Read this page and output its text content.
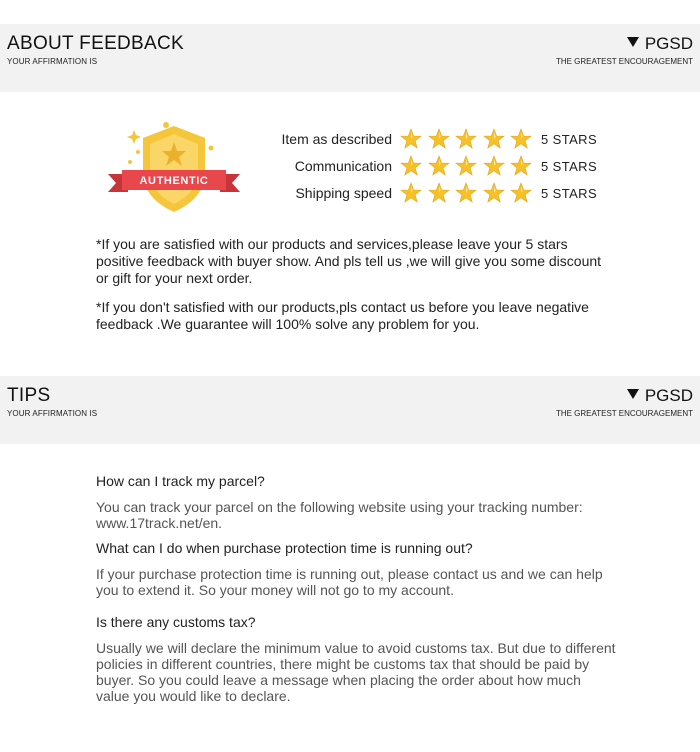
ABOUT FEEDBACK
YOUR AFFIRMATION IS
PGSD
THE GREATEST ENCOURAGEMENT
AUTHENTIC
Item as described	5 STARS
Communication	5 STARS
Shipping speed	5 STARS

*If you are satisfied with our products and services,please leave your 5 stars positive feedback with buyer show. And pls tell us ,we will give you some discount or gift for your next order.

*If you don't satisfied with our products,pls contact us before you leave negative feedback .We guarantee will 100% solve any problem for you.

TIPS
YOUR AFFIRMATION IS
PGSD
THE GREATEST ENCOURAGEMENT
How can I track my parcel?
You can track your parcel on the following website using your tracking number: www.17track.net/en.
What can I do when purchase protection time is running out?
If your purchase protection time is running out, please contact us and we can help you to extend it. So your money will not go to my account.
Is there any customs tax?
Usually we will declare the minimum value to avoid customs tax. But due to different policies in different countries, there might be customs tax that should be paid by buyer. So you could leave a message when placing the order about how much value you would like to declare.
